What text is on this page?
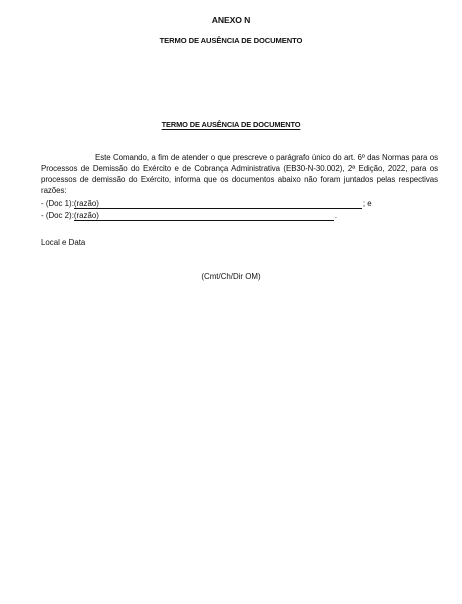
ANEXO N
TERMO DE AUSÊNCIA DE DOCUMENTO
TERMO DE AUSÊNCIA DE DOCUMENTO
Este Comando, a fim de atender o que prescreve o parágrafo único do art. 6º das Normas para os Processos de Demissão do Exército e de Cobrança Administrativa (EB30-N-30.002), 2ª Edição, 2022, para os processos de demissão do Exército, informa que os documentos abaixo não foram juntados pelas respectivas razões:
- (Doc 1):(razão)	; e
- (Doc 2):(razão)	.
Local e Data
(Cmt/Ch/Dir OM)
